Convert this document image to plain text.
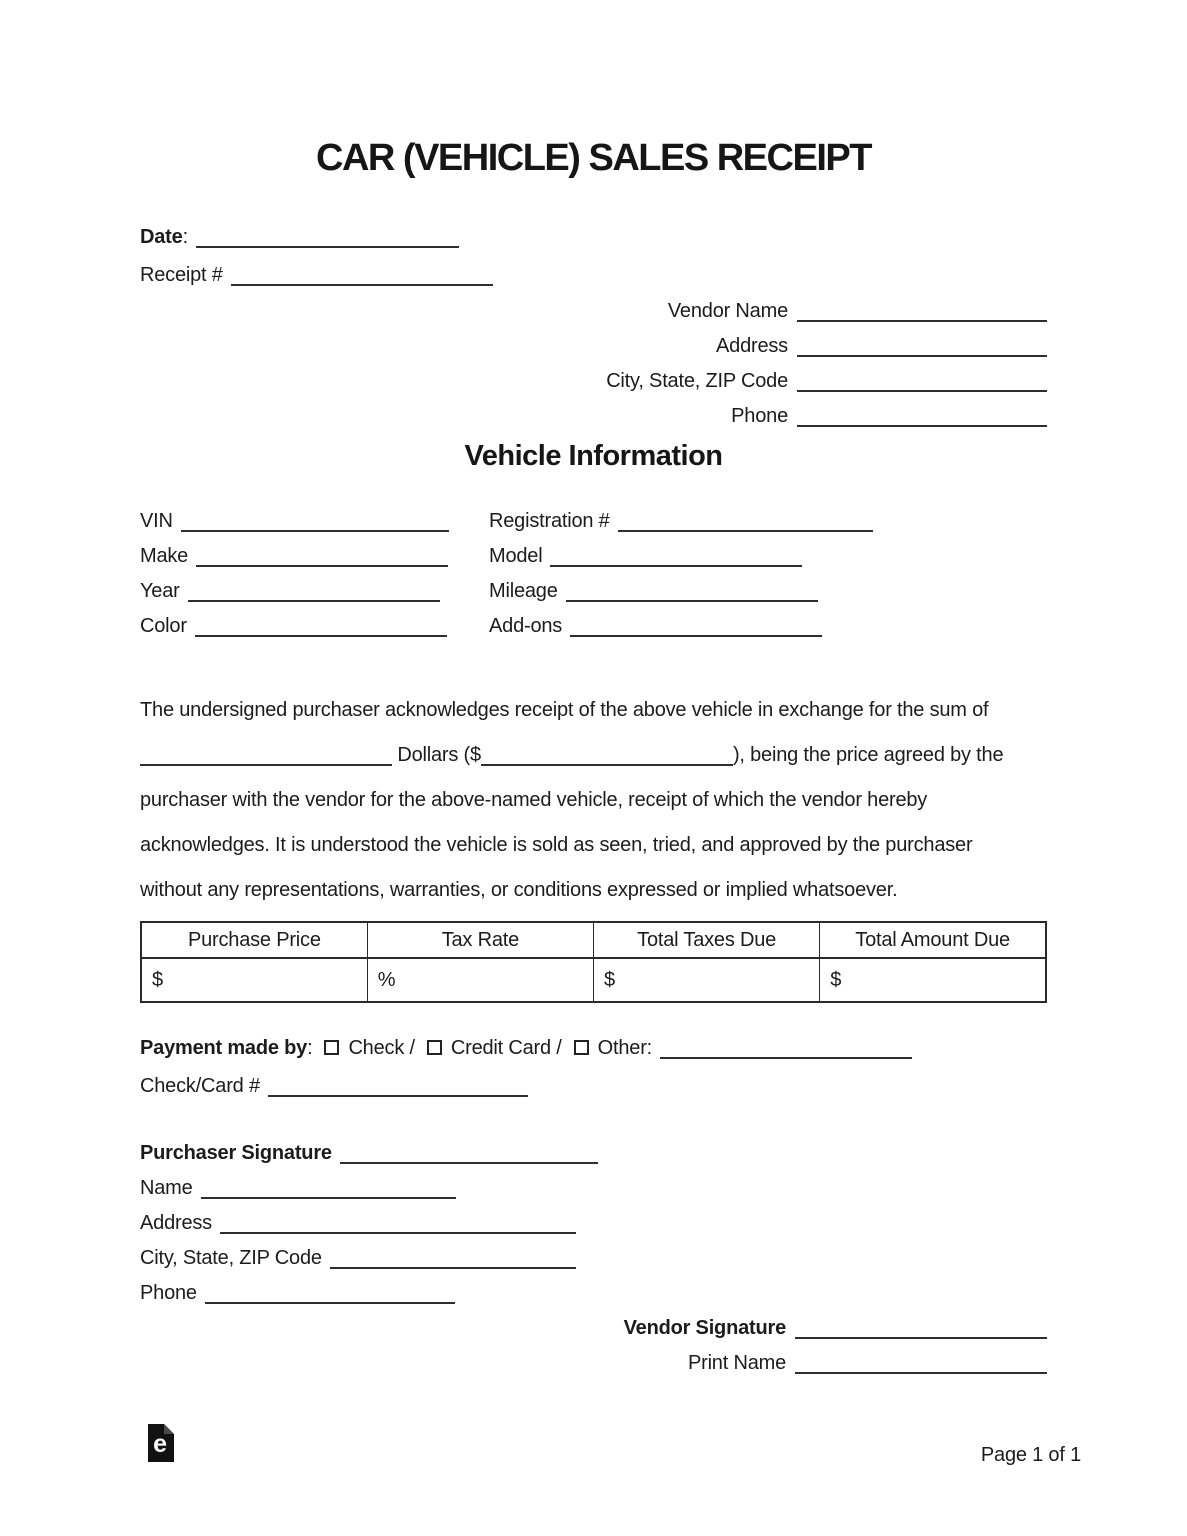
CAR (VEHICLE) SALES RECEIPT
Date:
Receipt #
Vendor Name
Address
City, State, ZIP Code
Phone
Vehicle Information
VIN	Registration #
Make	Model
Year	Mileage
Color	Add-ons
The undersigned purchaser acknowledges receipt of the above vehicle in exchange for the sum of
Dollars ($	), being the price agreed by the
purchaser with the vendor for the above-named vehicle, receipt of which the vendor hereby
acknowledges. It is understood the vehicle is sold as seen, tried, and approved by the purchaser
without any representations, warranties, or conditions expressed or implied whatsoever.
Purchase Price	Tax Rate	Total Taxes Due	Total Amount Due
$	%	$	$
Payment made by: Check / Credit Card / Other:
Check/Card #
Purchaser Signature
Name
Address
City, State, ZIP Code
Phone
Vendor Signature
Print Name
e	Page 1 of 1
